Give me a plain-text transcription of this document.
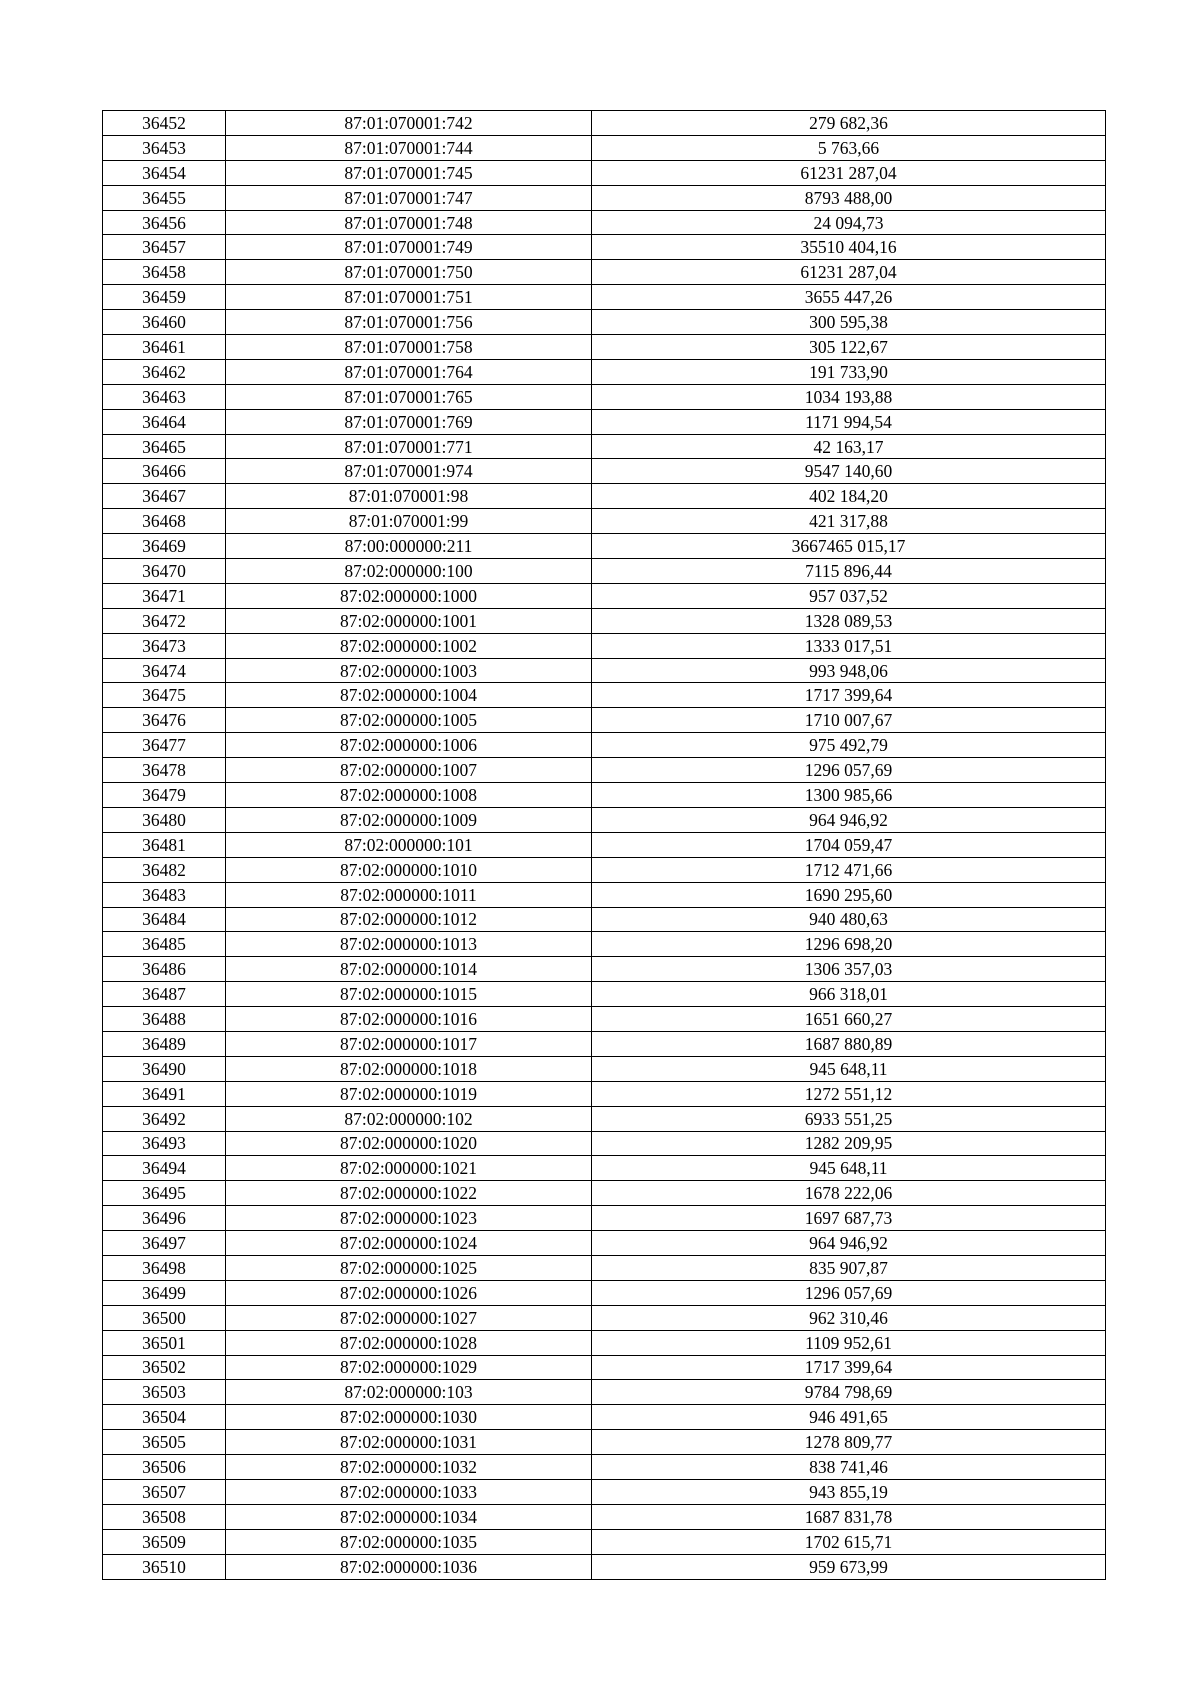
36452	87:01:070001:742	279 682,36
36453	87:01:070001:744	5 763,66
36454	87:01:070001:745	61231 287,04
36455	87:01:070001:747	8793 488,00
36456	87:01:070001:748	24 094,73
36457	87:01:070001:749	35510 404,16
36458	87:01:070001:750	61231 287,04
36459	87:01:070001:751	3655 447,26
36460	87:01:070001:756	300 595,38
36461	87:01:070001:758	305 122,67
36462	87:01:070001:764	191 733,90
36463	87:01:070001:765	1034 193,88
36464	87:01:070001:769	1171 994,54
36465	87:01:070001:771	42 163,17
36466	87:01:070001:974	9547 140,60
36467	87:01:070001:98	402 184,20
36468	87:01:070001:99	421 317,88
36469	87:00:000000:211	3667465 015,17
36470	87:02:000000:100	7115 896,44
36471	87:02:000000:1000	957 037,52
36472	87:02:000000:1001	1328 089,53
36473	87:02:000000:1002	1333 017,51
36474	87:02:000000:1003	993 948,06
36475	87:02:000000:1004	1717 399,64
36476	87:02:000000:1005	1710 007,67
36477	87:02:000000:1006	975 492,79
36478	87:02:000000:1007	1296 057,69
36479	87:02:000000:1008	1300 985,66
36480	87:02:000000:1009	964 946,92
36481	87:02:000000:101	1704 059,47
36482	87:02:000000:1010	1712 471,66
36483	87:02:000000:1011	1690 295,60
36484	87:02:000000:1012	940 480,63
36485	87:02:000000:1013	1296 698,20
36486	87:02:000000:1014	1306 357,03
36487	87:02:000000:1015	966 318,01
36488	87:02:000000:1016	1651 660,27
36489	87:02:000000:1017	1687 880,89
36490	87:02:000000:1018	945 648,11
36491	87:02:000000:1019	1272 551,12
36492	87:02:000000:102	6933 551,25
36493	87:02:000000:1020	1282 209,95
36494	87:02:000000:1021	945 648,11
36495	87:02:000000:1022	1678 222,06
36496	87:02:000000:1023	1697 687,73
36497	87:02:000000:1024	964 946,92
36498	87:02:000000:1025	835 907,87
36499	87:02:000000:1026	1296 057,69
36500	87:02:000000:1027	962 310,46
36501	87:02:000000:1028	1109 952,61
36502	87:02:000000:1029	1717 399,64
36503	87:02:000000:103	9784 798,69
36504	87:02:000000:1030	946 491,65
36505	87:02:000000:1031	1278 809,77
36506	87:02:000000:1032	838 741,46
36507	87:02:000000:1033	943 855,19
36508	87:02:000000:1034	1687 831,78
36509	87:02:000000:1035	1702 615,71
36510	87:02:000000:1036	959 673,99
